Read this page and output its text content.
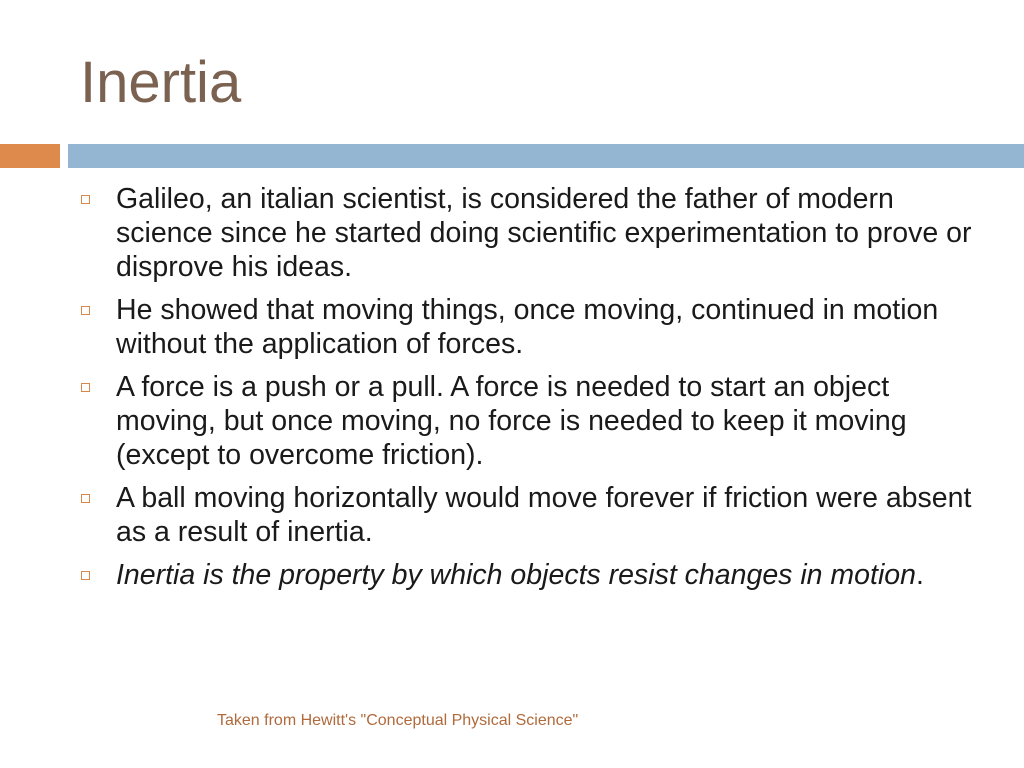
Inertia
Galileo, an italian scientist, is considered the father of modern science since he started doing scientific experimentation to prove or disprove his ideas.
He showed that moving things, once moving, continued in motion without the application of forces.
A force is a push or a pull. A force is needed to start an object moving, but once moving, no force is needed to keep it moving (except to overcome friction).
A ball moving horizontally would move forever if friction were absent as a result of inertia.
Inertia is the property by which objects resist changes in motion.
Taken from Hewitt's "Conceptual Physical Science"
